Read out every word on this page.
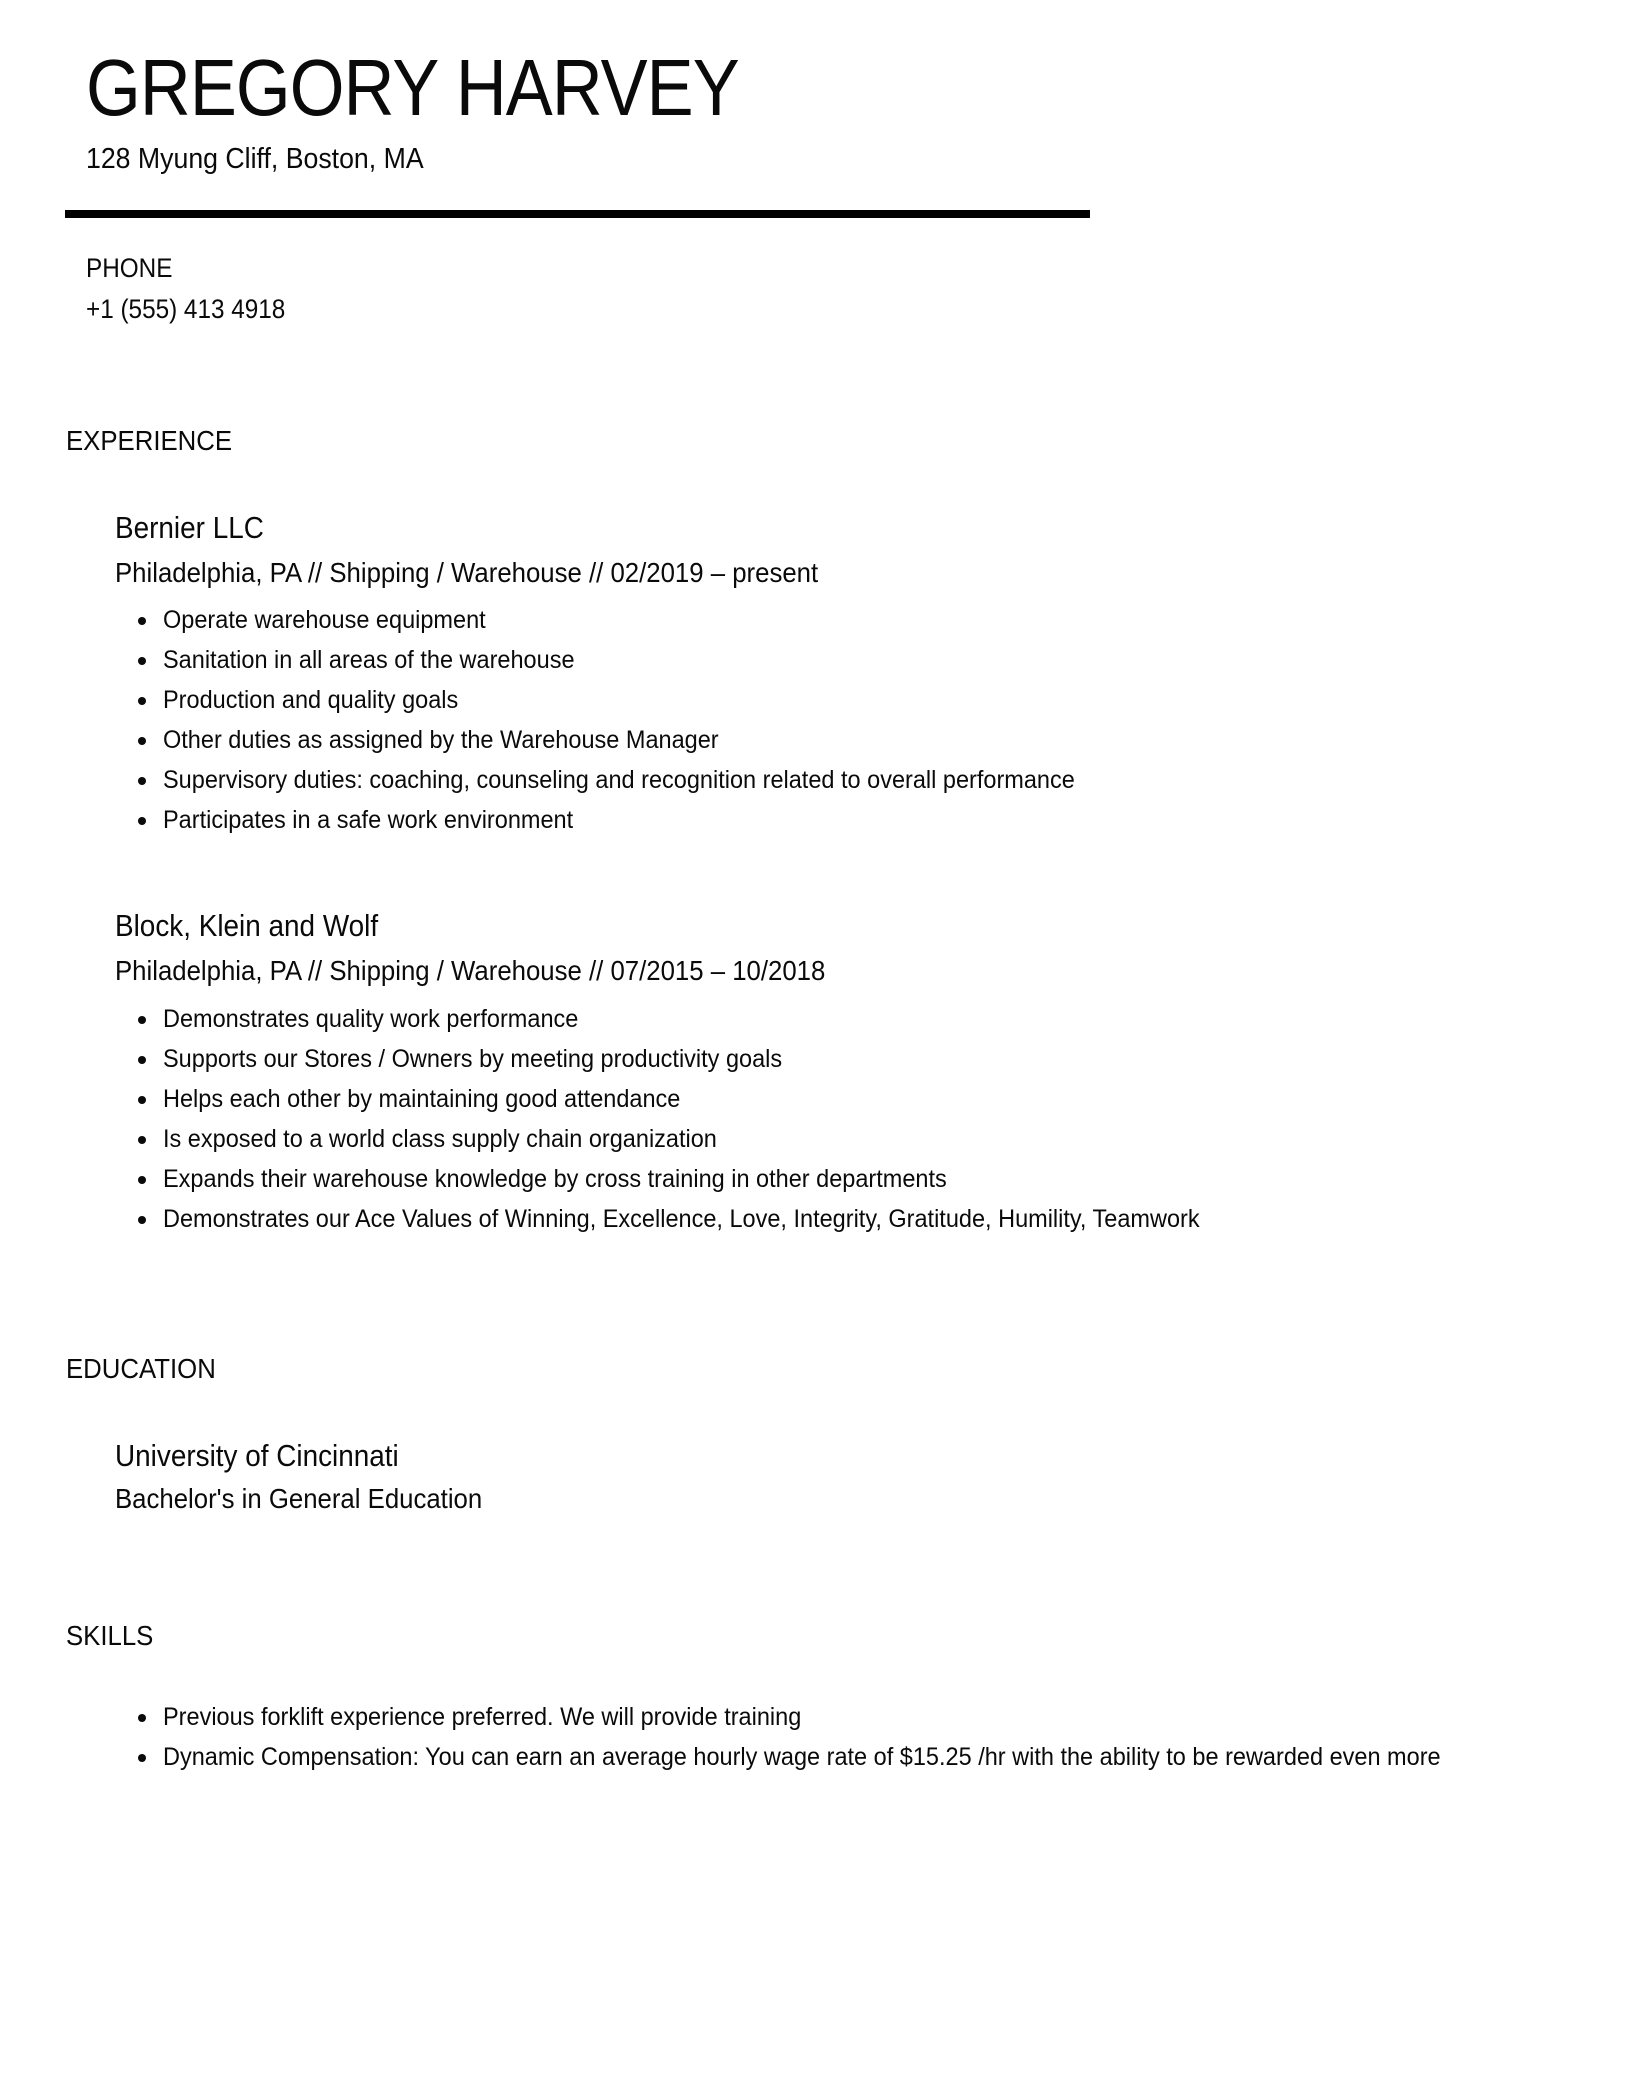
GREGORY HARVEY
128 Myung Cliff, Boston, MA
PHONE
+1 (555) 413 4918
EXPERIENCE
Bernier LLC
Philadelphia, PA // Shipping / Warehouse // 02/2019 – present
Operate warehouse equipment
Sanitation in all areas of the warehouse
Production and quality goals
Other duties as assigned by the Warehouse Manager
Supervisory duties: coaching, counseling and recognition related to overall performance
Participates in a safe work environment
Block, Klein and Wolf
Philadelphia, PA // Shipping / Warehouse // 07/2015 – 10/2018
Demonstrates quality work performance
Supports our Stores / Owners by meeting productivity goals
Helps each other by maintaining good attendance
Is exposed to a world class supply chain organization
Expands their warehouse knowledge by cross training in other departments
Demonstrates our Ace Values of Winning, Excellence, Love, Integrity, Gratitude, Humility, Teamwork
EDUCATION
University of Cincinnati
Bachelor's in General Education
SKILLS
Previous forklift experience preferred. We will provide training
Dynamic Compensation: You can earn an average hourly wage rate of $15.25 /hr with the ability to be rewarded even more
